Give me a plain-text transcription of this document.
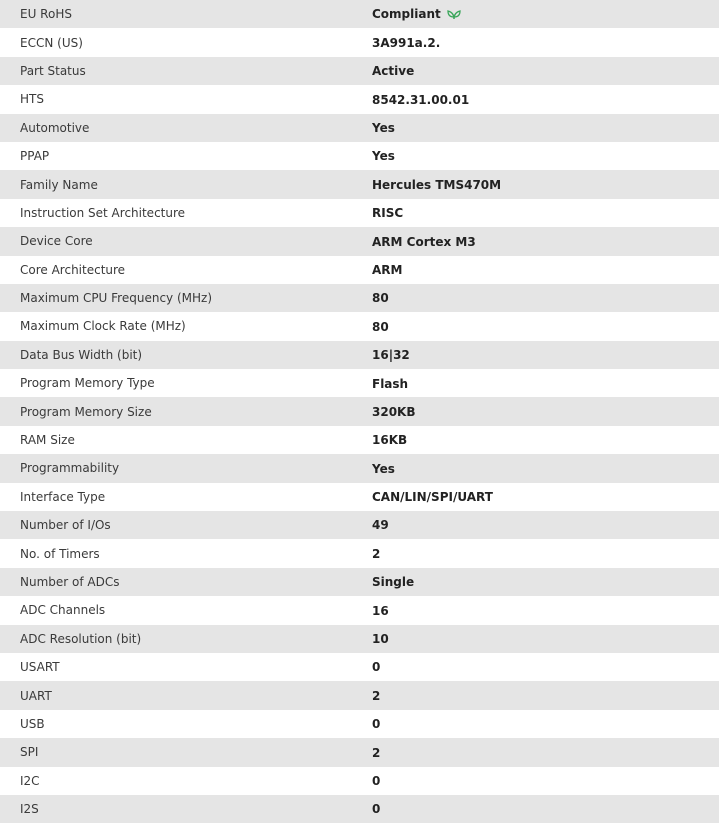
EU RoHS	Compliant
ECCN (US)	3A991a.2.
Part Status	Active
HTS	8542.31.00.01
Automotive	Yes
PPAP	Yes
Family Name	Hercules TMS470M
Instruction Set Architecture	RISC
Device Core	ARM Cortex M3
Core Architecture	ARM
Maximum CPU Frequency (MHz)	80
Maximum Clock Rate (MHz)	80
Data Bus Width (bit)	16|32
Program Memory Type	Flash
Program Memory Size	320KB
RAM Size	16KB
Programmability	Yes
Interface Type	CAN/LIN/SPI/UART
Number of I/Os	49
No. of Timers	2
Number of ADCs	Single
ADC Channels	16
ADC Resolution (bit)	10
USART	0
UART	2
USB	0
SPI	2
I2C	0
I2S	0
